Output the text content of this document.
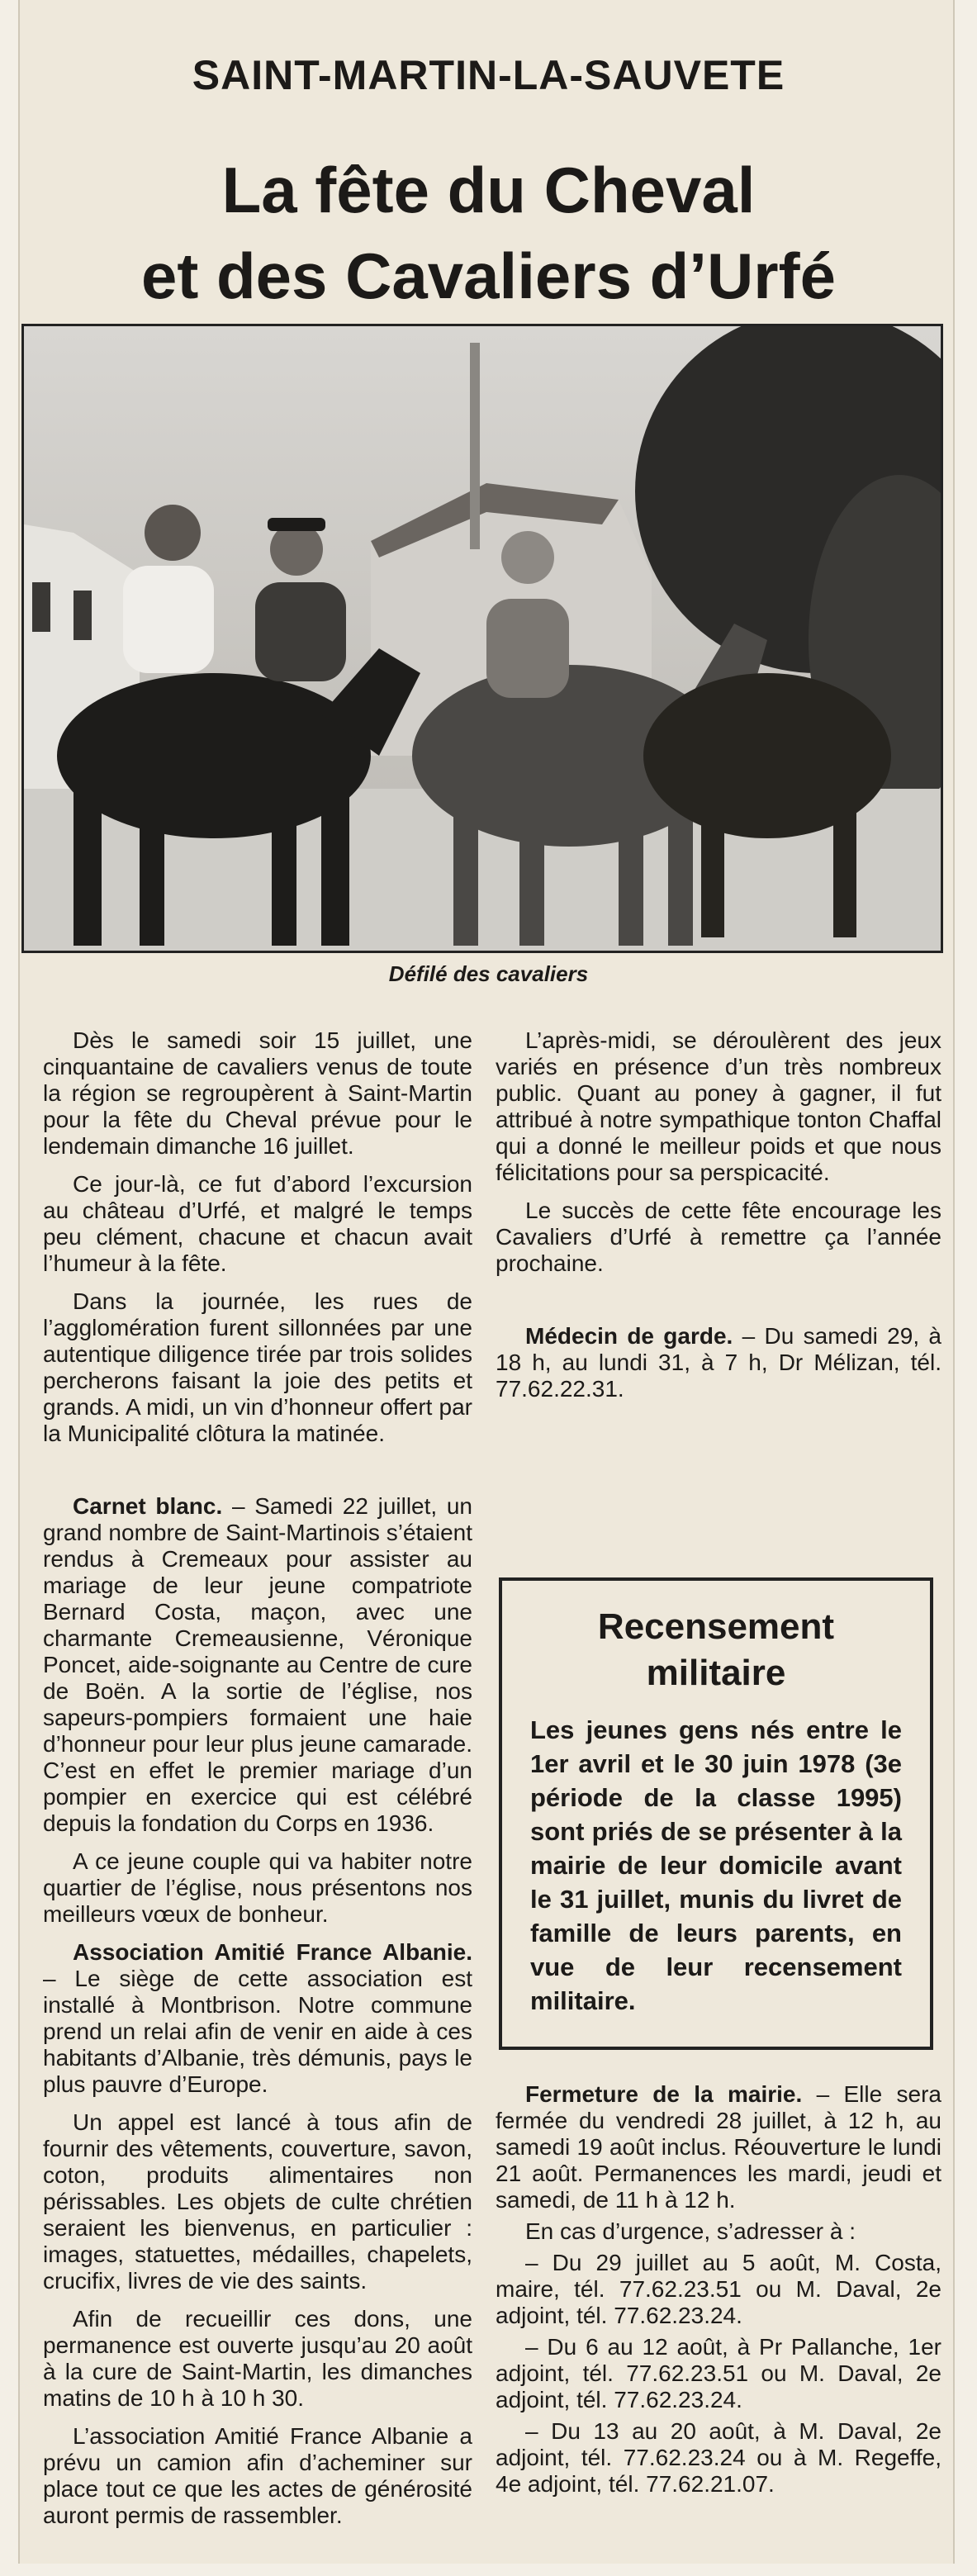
SAINT-MARTIN-LA-SAUVETE
La fête du Cheval
et des Cavaliers d’Urfé
Défilé des cavaliers

Dès le samedi soir 15 juillet, une cinquantaine de cavaliers venus de toute la région se regroupèrent à Saint-Martin pour la fête du Cheval prévue pour le lendemain dimanche 16 juillet.

Ce jour-là, ce fut d’abord l’excursion au château d’Urfé, et malgré le temps peu clément, chacune et chacun avait l’humeur à la fête.

Dans la journée, les rues de l’agglomération furent sillonnées par une autentique diligence tirée par trois solides percherons faisant la joie des petits et grands. A midi, un vin d’honneur offert par la Municipalité clôtura la matinée.

Carnet blanc. – Samedi 22 juillet, un grand nombre de Saint-Martinois s’étaient rendus à Cremeaux pour assister au mariage de leur jeune compatriote Bernard Costa, maçon, avec une charmante Cremeausienne, Véronique Poncet, aide-soignante au Centre de cure de Boën. A la sortie de l’église, nos sapeurs-pompiers formaient une haie d’honneur pour leur plus jeune camarade. C’est en effet le premier mariage d’un pompier en exercice qui est célébré depuis la fondation du Corps en 1936.

A ce jeune couple qui va habiter notre quartier de l’église, nous présentons nos meilleurs vœux de bonheur.

Association Amitié France Albanie. – Le siège de cette association est installé à Montbrison. Notre commune prend un relai afin de venir en aide à ces habitants d’Albanie, très démunis, pays le plus pauvre d’Europe.

Un appel est lancé à tous afin de fournir des vêtements, couverture, savon, coton, produits alimentaires non périssables. Les objets de culte chrétien seraient les bienvenus, en particulier : images, statuettes, médailles, chapelets, crucifix, livres de vie des saints.

Afin de recueillir ces dons, une permanence est ouverte jusqu’au 20 août à la cure de Saint-Martin, les dimanches matins de 10 h à 10 h 30.

L’association Amitié France Albanie a prévu un camion afin d’acheminer sur place tout ce que les actes de générosité auront permis de rassembler.

L’après-midi, se déroulèrent des jeux variés en présence d’un très nombreux public. Quant au poney à gagner, il fut attribué à notre sympathique tonton Chaffal qui a donné le meilleur poids et que nous félicitations pour sa perspicacité.

Le succès de cette fête encourage les Cavaliers d’Urfé à remettre ça l’année prochaine.

Médecin de garde. – Du samedi 29, à 18 h, au lundi 31, à 7 h, Dr Mélizan, tél. 77.62.22.31.

Recensement militaire
Les jeunes gens nés entre le 1er avril et le 30 juin 1978 (3e période de la classe 1995) sont priés de se présenter à la mairie de leur domicile avant le 31 juillet, munis du livret de famille de leurs parents, en vue de leur recensement militaire.

Fermeture de la mairie. – Elle sera fermée du vendredi 28 juillet, à 12 h, au samedi 19 août inclus. Réouverture le lundi 21 août. Permanences les mardi, jeudi et samedi, de 11 h à 12 h.

En cas d’urgence, s’adresser à :

– Du 29 juillet au 5 août, M. Costa, maire, tél. 77.62.23.51 ou M. Daval, 2e adjoint, tél. 77.62.23.24.

– Du 6 au 12 août, à Pr Pallanche, 1er adjoint, tél. 77.62.23.51 ou M. Daval, 2e adjoint, tél. 77.62.23.24.

– Du 13 au 20 août, à M. Daval, 2e adjoint, tél. 77.62.23.24 ou à M. Regeffe, 4e adjoint, tél. 77.62.21.07.
